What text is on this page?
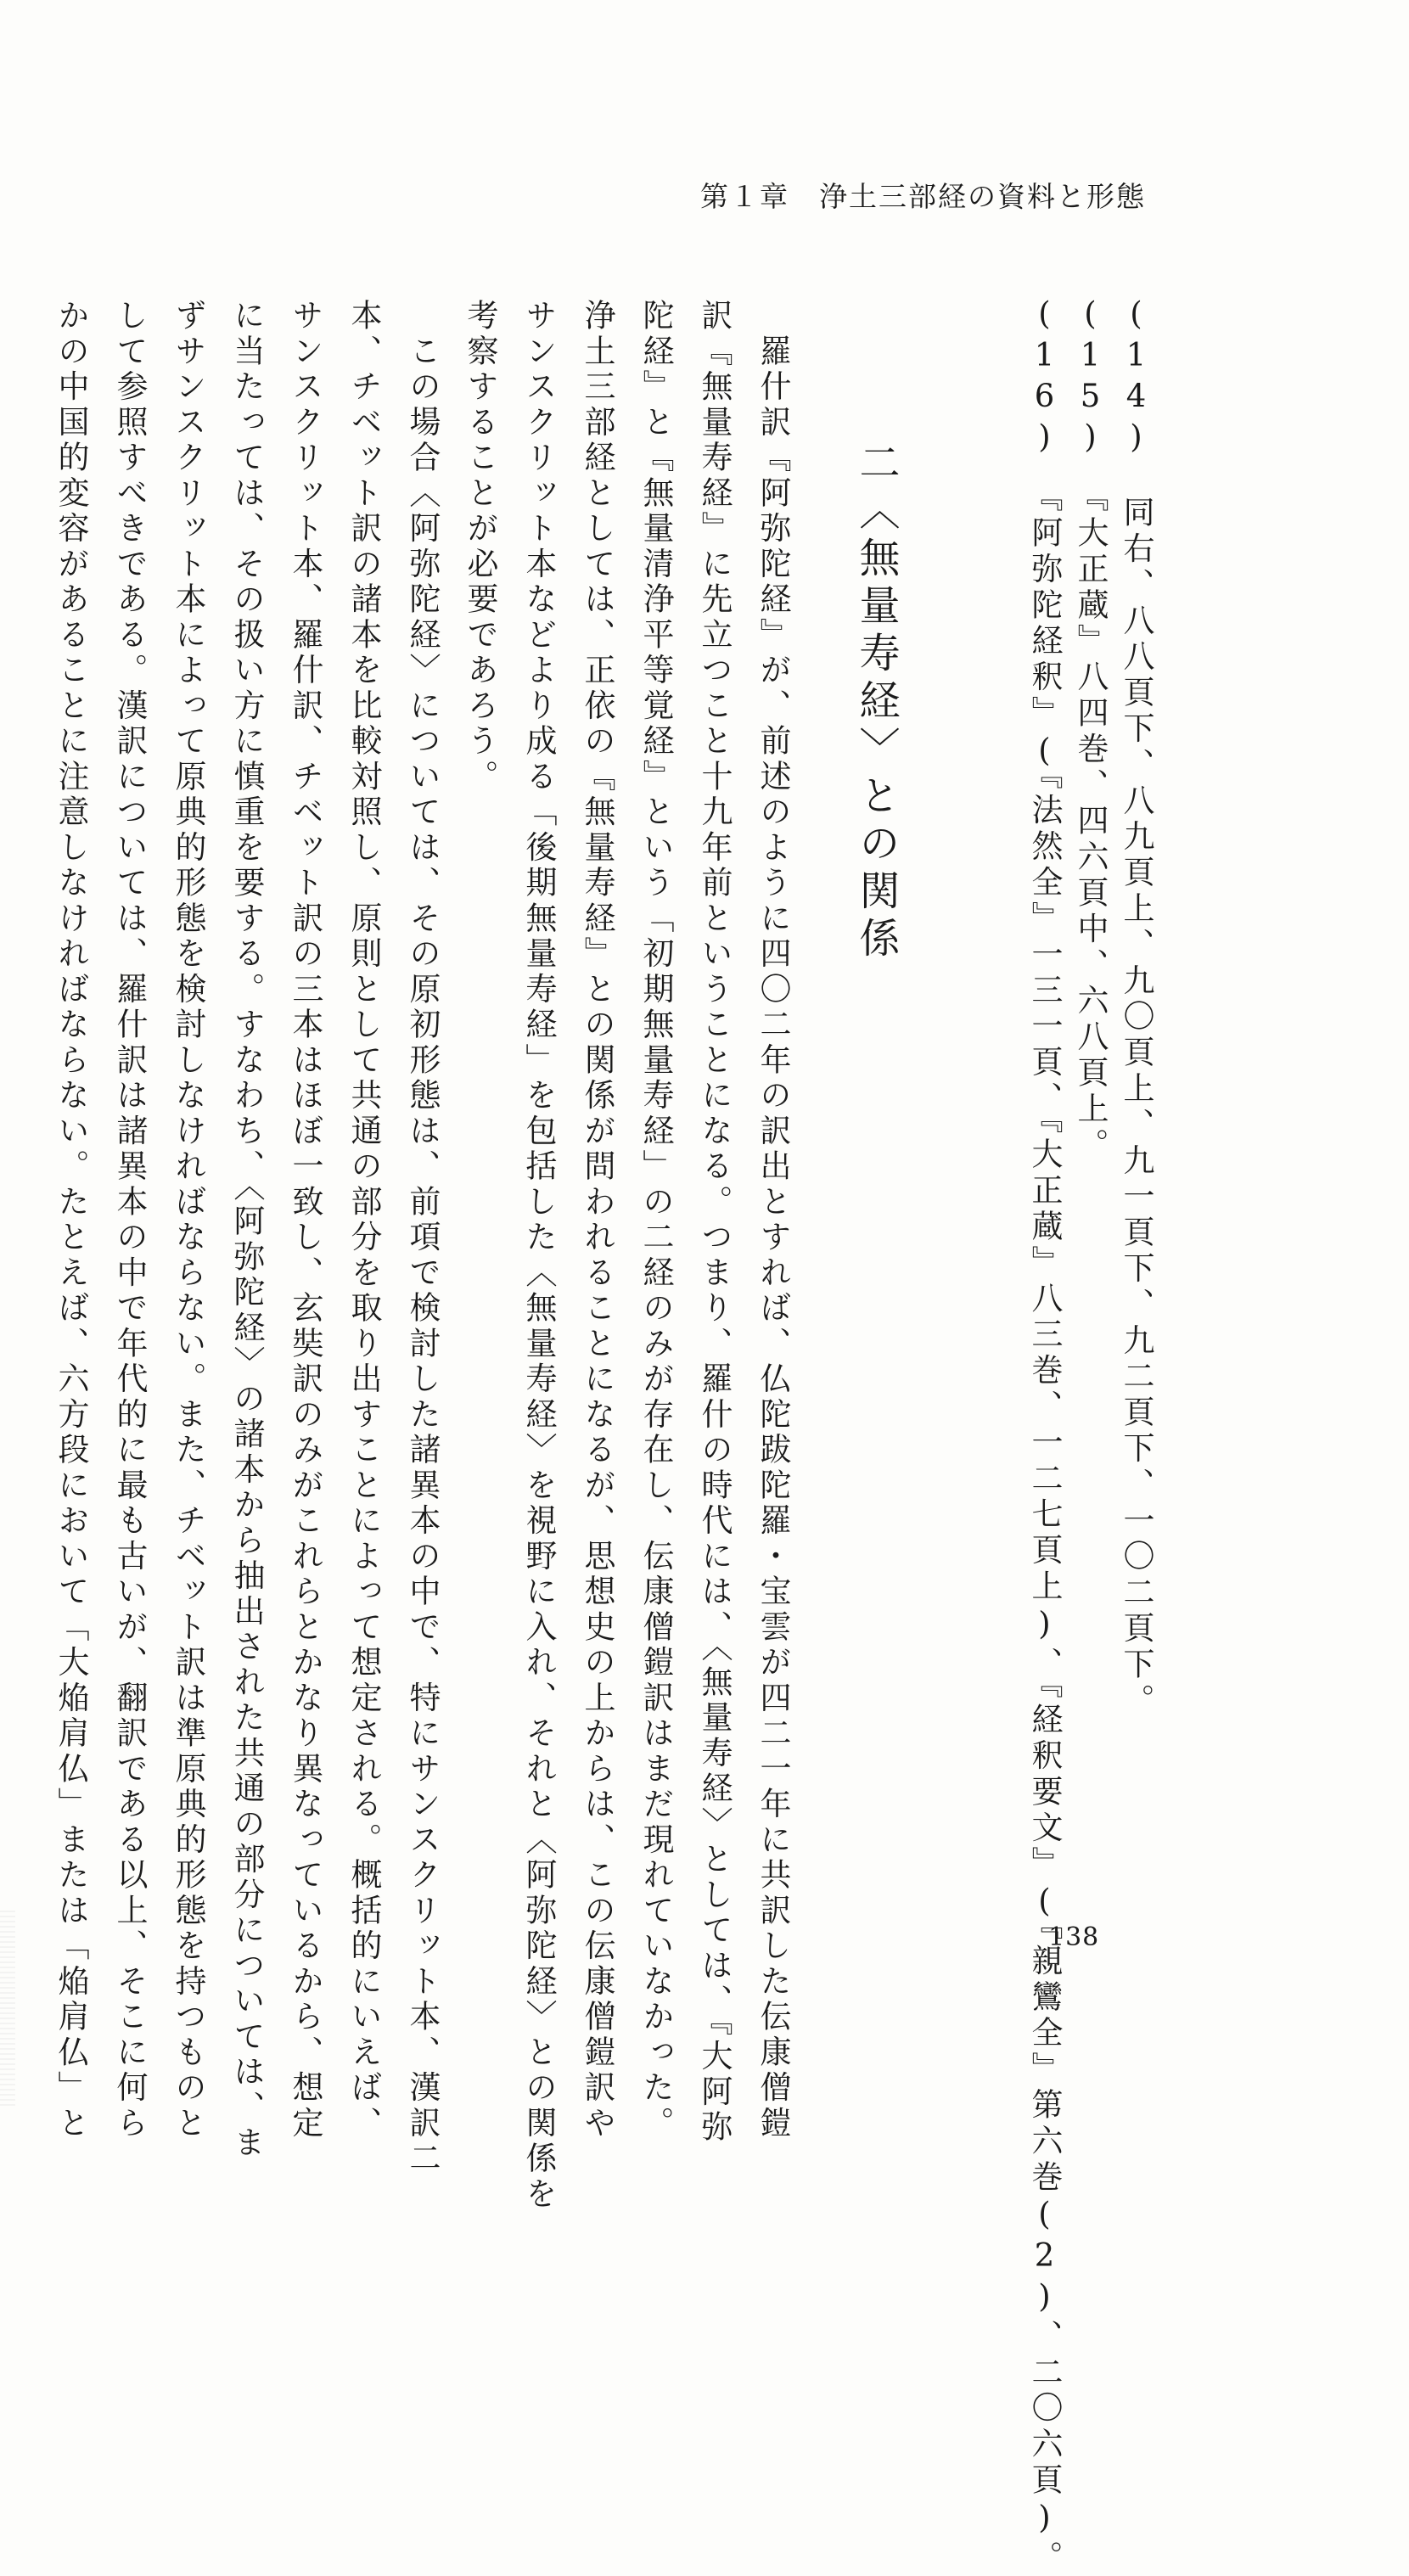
第１章　浄土三部経の資料と形態
(14)　同右、八八頁下、八九頁上、九〇頁上、九一頁下、九二頁下、一〇二頁下。
(15)　『大正蔵』八四巻、四六頁中、六八頁上。
(16)　『阿弥陀経釈』(『法然全』一三一頁、『大正蔵』八三巻、一二七頁上)、『経釈要文』(『親鸞全』第六巻(2)、二〇六頁)。
二〈無量寿経〉との関係
　羅什訳『阿弥陀経』が、前述のように四〇二年の訳出とすれば、仏陀跋陀羅・宝雲が四二一年に共訳した伝康僧鎧
訳『無量寿経』に先立つこと十九年前ということになる。つまり、羅什の時代には、〈無量寿経〉としては、『大阿弥
陀経』と『無量清浄平等覚経』という「初期無量寿経」の二経のみが存在し、伝康僧鎧訳はまだ現れていなかった。
浄土三部経としては、正依の『無量寿経』との関係が問われることになるが、思想史の上からは、この伝康僧鎧訳や
サンスクリット本などより成る「後期無量寿経」を包括した〈無量寿経〉を視野に入れ、それと〈阿弥陀経〉との関係を
考察することが必要であろう。
　この場合〈阿弥陀経〉については、その原初形態は、前項で検討した諸異本の中で、特にサンスクリット本、漢訳二
本、チベット訳の諸本を比較対照し、原則として共通の部分を取り出すことによって想定される。概括的にいえば、
サンスクリット本、羅什訳、チベット訳の三本はほぼ一致し、玄奘訳のみがこれらとかなり異なっているから、想定
に当たっては、その扱い方に慎重を要する。すなわち、〈阿弥陀経〉の諸本から抽出された共通の部分については、ま
ずサンスクリット本によって原典的形態を検討しなければならない。また、チベット訳は準原典的形態を持つものと
して参照すべきである。漢訳については、羅什訳は諸異本の中で年代的に最も古いが、翻訳である以上、そこに何ら
かの中国的変容があることに注意しなければならない。たとえば、六方段において「大焔肩仏」または「焔肩仏」と	138
